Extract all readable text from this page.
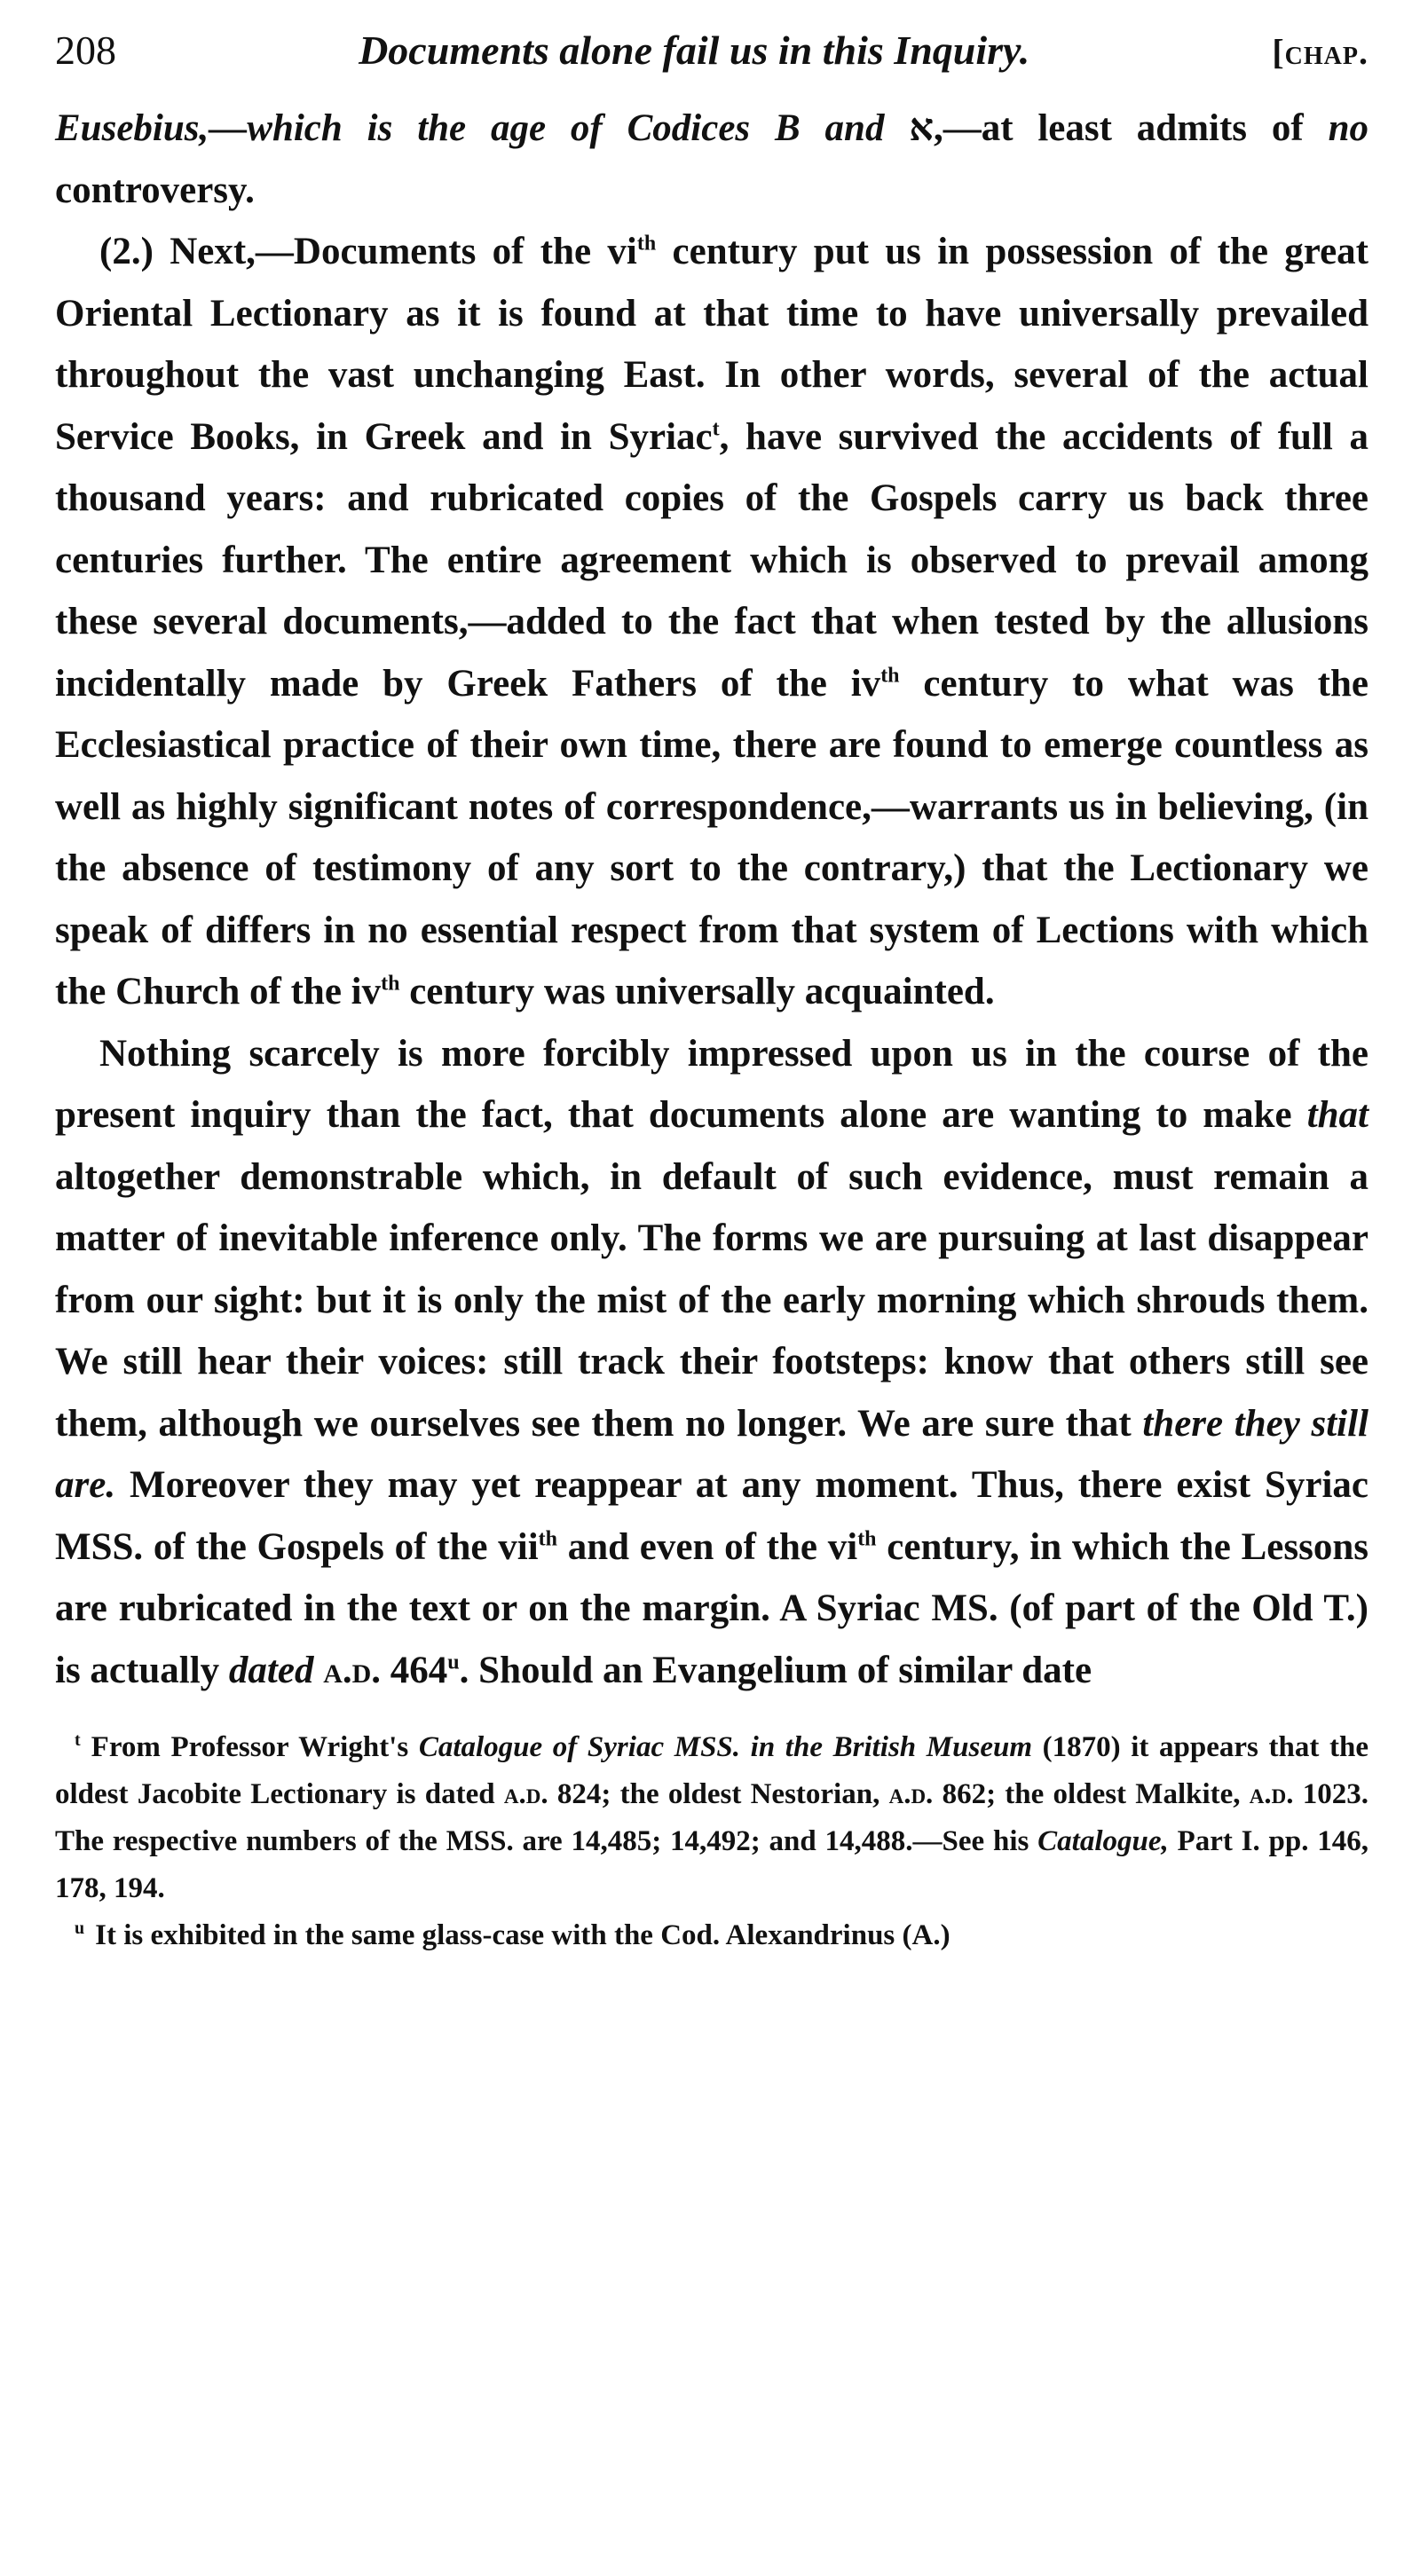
208	Documents alone fail us in this Inquiry.	[chap.

Eusebius,—which is the age of Codices B and א,—at least admits of no controversy.

(2.) Next,—Documents of the $vi^{th}$ century put us in possession of the great Oriental Lectionary as it is found at that time to have universally prevailed throughout the vast unchanging East. In other words, several of the actual Service Books, in Greek and in Syriac$^t$, have survived the accidents of full a thousand years: and rubricated copies of the Gospels carry us back three centuries further. The entire agreement which is observed to prevail among these several documents,—added to the fact that when tested by the allusions incidentally made by Greek Fathers of the $iv^{th}$ century to what was the Ecclesiastical practice of their own time, there are found to emerge countless as well as highly significant notes of correspondence,—warrants us in believing, (in the absence of testimony of any sort to the contrary,) that the Lectionary we speak of differs in no essential respect from that system of Lections with which the Church of the $iv^{th}$ century was universally acquainted.

Nothing scarcely is more forcibly impressed upon us in the course of the present inquiry than the fact, that documents alone are wanting to make that altogether demonstrable which, in default of such evidence, must remain a matter of inevitable inference only. The forms we are pursuing at last disappear from our sight: but it is only the mist of the early morning which shrouds them. We still hear their voices: still track their footsteps: know that others still see them, although we ourselves see them no longer. We are sure that there they still are. Moreover they may yet reappear at any moment. Thus, there exist Syriac MSS. of the Gospels of the vii$^{th}$ and even of the $vi^{th}$ century, in which the Lessons are rubricated in the text or on the margin. A Syriac MS. (of part of the Old T.) is actually dated a.d. 464$^u$. Should an Evangelium of similar date

$^t$ From Professor Wright's Catalogue of Syriac MSS. in the British Museum (1870) it appears that the oldest Jacobite Lectionary is dated a.d. 824; the oldest Nestorian, a.d. 862; the oldest Malkite, a.d. 1023. The respective numbers of the MSS. are 14,485; 14,492; and 14,488.—See his Catalogue, Part I. pp. 146, 178, 194.

$^u$ It is exhibited in the same glass-case with the Cod. Alexandrinus (A.)
